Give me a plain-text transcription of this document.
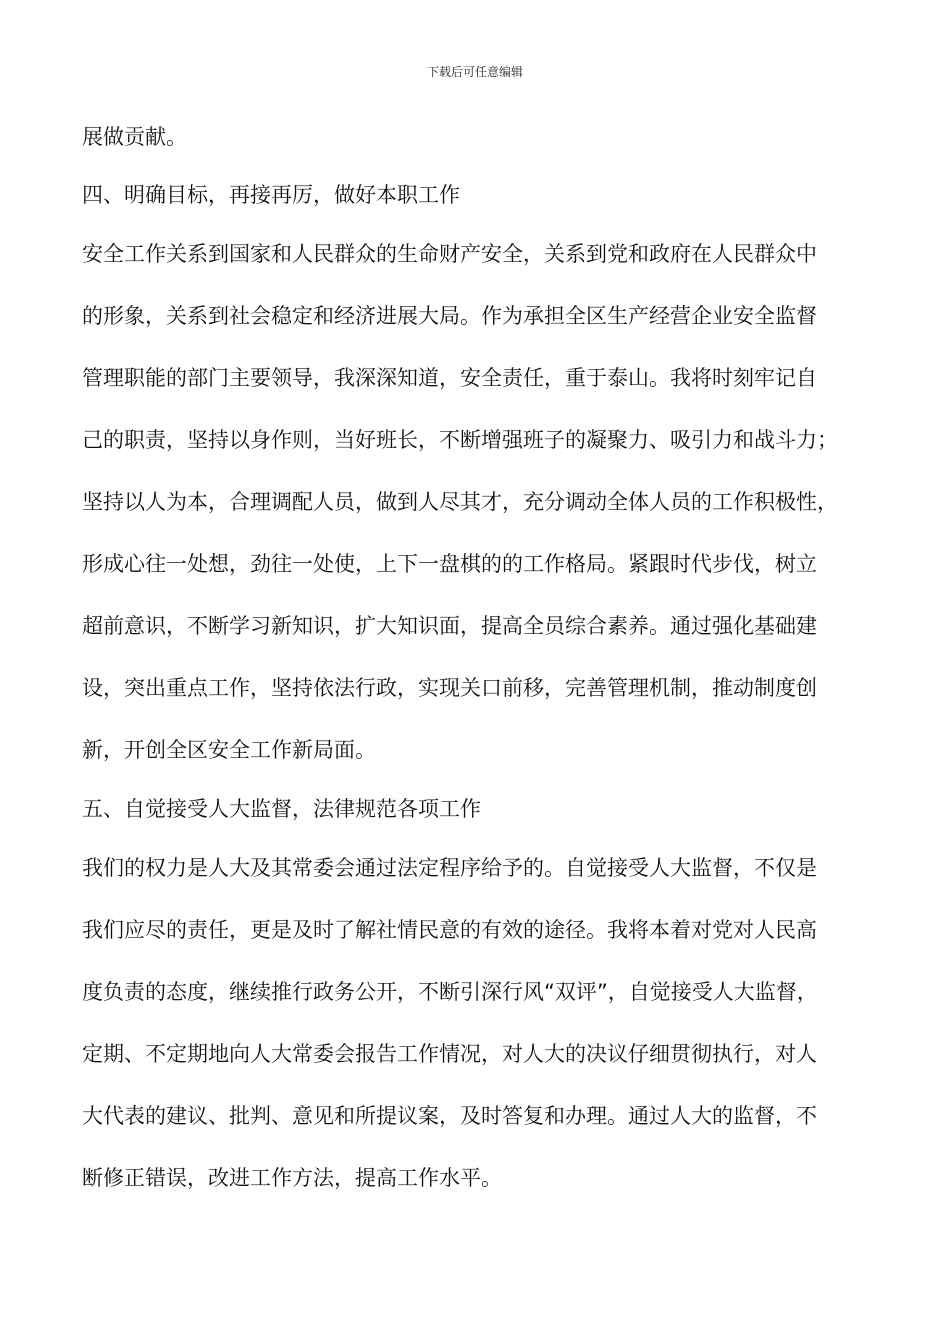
下载后可任意编辑
展做贡献。
四、明确目标，再接再厉，做好本职工作
安全工作关系到国家和人民群众的生命财产安全，关系到党和政府在人民群众中
的形象，关系到社会稳定和经济进展大局。作为承担全区生产经营企业安全监督
管理职能的部门主要领导，我深深知道，安全责任，重于泰山。我将时刻牢记自
己的职责，坚持以身作则，当好班长，不断增强班子的凝聚力、吸引力和战斗力；
坚持以人为本，合理调配人员，做到人尽其才，充分调动全体人员的工作积极性，
形成心往一处想，劲往一处使，上下一盘棋的的工作格局。紧跟时代步伐，树立
超前意识，不断学习新知识，扩大知识面，提高全员综合素养。通过强化基础建
设，突出重点工作，坚持依法行政，实现关口前移，完善管理机制，推动制度创
新，开创全区安全工作新局面。
五、自觉接受人大监督，法律规范各项工作
我们的权力是人大及其常委会通过法定程序给予的。自觉接受人大监督，不仅是
我们应尽的责任，更是及时了解社情民意的有效的途径。我将本着对党对人民高
度负责的态度，继续推行政务公开，不断引深行风“双评”，自觉接受人大监督，
定期、不定期地向人大常委会报告工作情况，对人大的决议仔细贯彻执行，对人
大代表的建议、批判、意见和所提议案，及时答复和办理。通过人大的监督，不
断修正错误，改进工作方法，提高工作水平。
